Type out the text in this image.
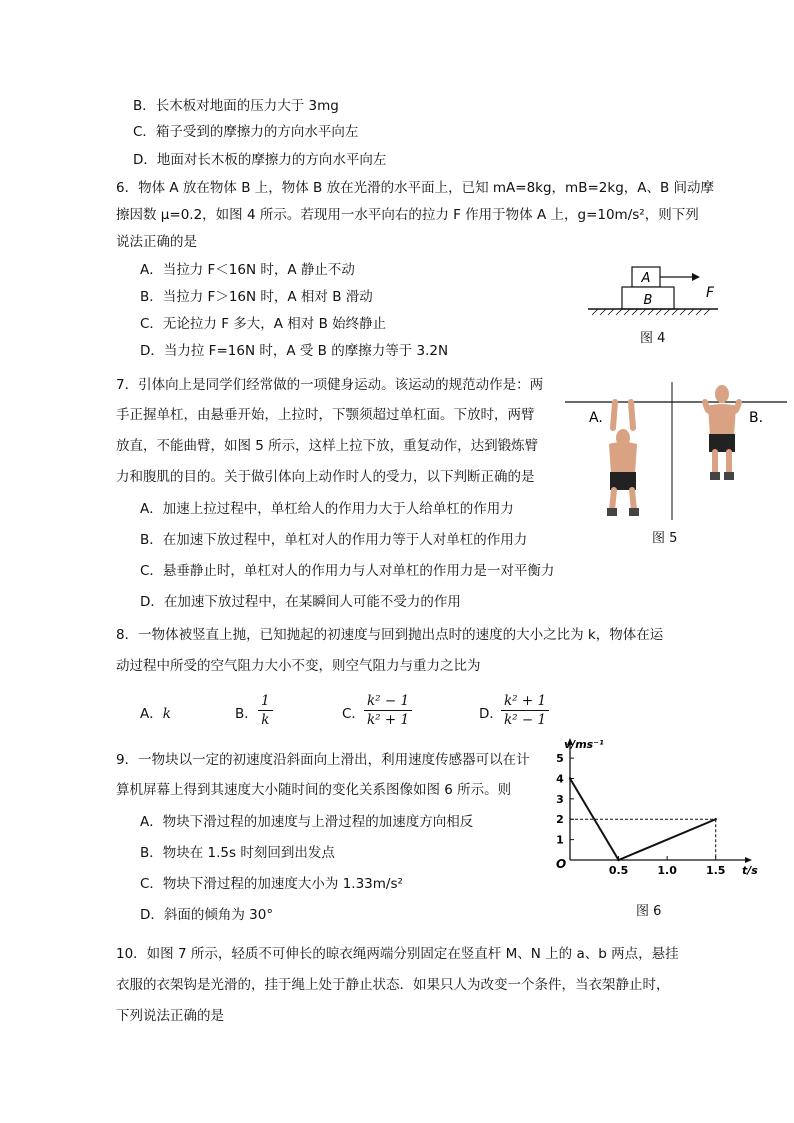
B．长木板对地面的压力大于 3mg
C．箱子受到的摩擦力的方向水平向左
D．地面对长木板的摩擦力的方向水平向左
6．物体 A 放在物体 B 上，物体 B 放在光滑的水平面上，已知 mA=8kg，mB=2kg，A、B 间动摩
擦因数 μ=0.2，如图 4 所示。若现用一水平向右的拉力 F 作用于物体 A 上，g=10m/s²，则下列
说法正确的是
A．当拉力 F＜16N 时，A 静止不动
B．当拉力 F＞16N 时，A 相对 B 滑动
C．无论拉力 F 多大，A 相对 B 始终静止
D．当力拉 F=16N 时，A 受 B 的摩擦力等于 3.2N
A
B	F
图 4
7．引体向上是同学们经常做的一项健身运动。该运动的规范动作是：两
手正握单杠，由悬垂开始，上拉时，下颚须超过单杠面。下放时，两臂
放直，不能曲臂，如图 5 所示，这样上拉下放，重复动作，达到锻炼臂
力和腹肌的目的。关于做引体向上动作时人的受力，以下判断正确的是
A．加速上拉过程中，单杠给人的作用力大于人给单杠的作用力
B．在加速下放过程中，单杠对人的作用力等于人对单杠的作用力
C．悬垂静止时，单杠对人的作用力与人对单杠的作用力是一对平衡力
D．在加速下放过程中，在某瞬间人可能不受力的作用
A.	B.
图 5
8．一物体被竖直上抛，已知抛起的初速度与回到抛出点时的速度的大小之比为 k，物体在运
动过程中所受的空气阻力大小不变，则空气阻力与重力之比为
A．k	B． $\frac{1}{k}$	C． $\frac{\text{k² − 1}}{\text{k² + 1}}$	D．
$\frac{\text{k² + 1}}{\text{k² − 1}}$
9．一物块以一定的初速度沿斜面向上滑出，利用速度传感器可以在计
算机屏幕上得到其速度大小随时间的变化关系图像如图 6 所示。则
A．物块下滑过程的加速度与上滑过程的加速度方向相反
B．物块在 1.5s 时刻回到出发点
C．物块下滑过程的加速度大小为 1.33m/s²
D．斜面的倾角为 30°
1
2
3
4
5
0.5	1.0	1.5
v/ms⁻¹
t/s
O
图 6
10．如图 7 所示，轻质不可伸长的晾衣绳两端分别固定在竖直杆 M、N 上的 a、b 两点，悬挂
衣服的衣架钩是光滑的，挂于绳上处于静止状态．如果只人为改变一个条件，当衣架静止时，
下列说法正确的是
